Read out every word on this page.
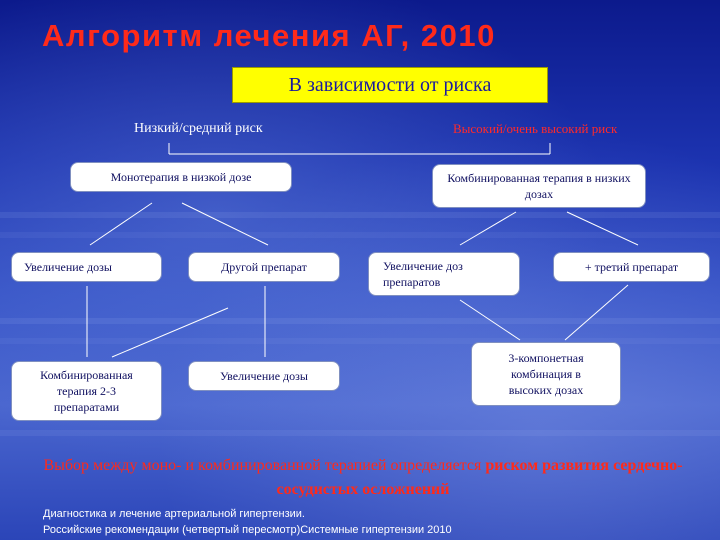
Алгоритм лечения АГ, 2010
В зависимости от риска
Низкий/средний риск	Высокий/очень высокий риск
Монотерапия в низкой дозе	Комбинированная терапия в низких дозах
Увеличение дозы	Другой препарат	Увеличение доз препаратов
+ третий препарат
Комбинированная терапия 2-3 препаратами
Увеличение дозы
3-компонетная комбинация в высоких дозах
Выбор между моно- и комбинированной терапией определяется риском развития сердечно-сосудистых осложнений
Диагностика и лечение артериальной гипертензии.
Российские рекомендации (четвертый пересмотр)Системные гипертензии 2010
